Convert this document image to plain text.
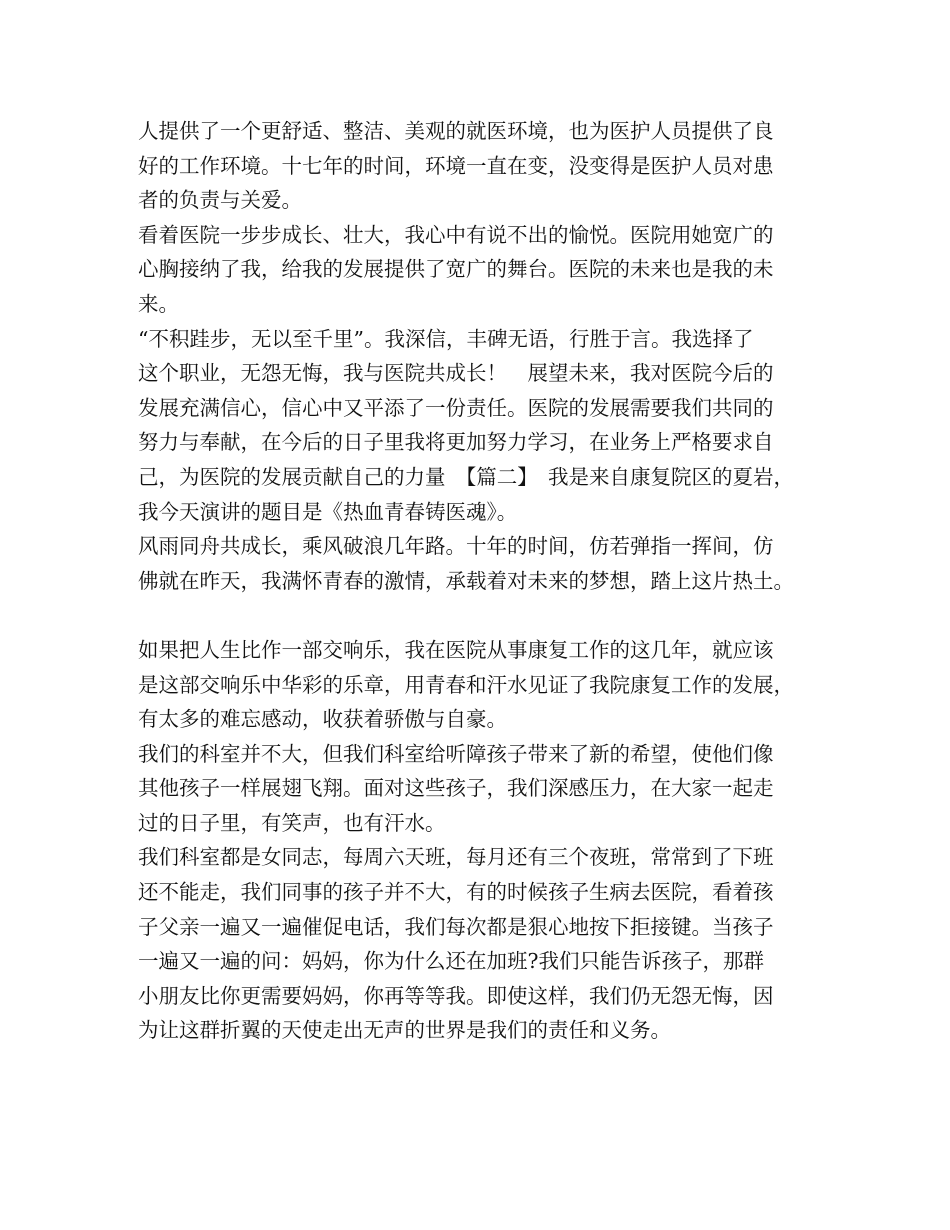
人提供了一个更舒适、整洁、美观的就医环境，也为医护人员提供了良
好的工作环境。十七年的时间，环境一直在变，没变得是医护人员对患
者的负责与关爱。
看着医院一步步成长、壮大，我心中有说不出的愉悦。医院用她宽广的
心胸接纳了我，给我的发展提供了宽广的舞台。医院的未来也是我的未
来。
“不积跬步，无以至千里”。我深信，丰碑无语，行胜于言。我选择了
这个职业，无怨无悔，我与医院共成长！　展望未来，我对医院今后的
发展充满信心，信心中又平添了一份责任。医院的发展需要我们共同的
努力与奉献，在今后的日子里我将更加努力学习，在业务上严格要求自
己，为医院的发展贡献自己的力量　【篇二】　我是来自康复院区的夏岩，
我今天演讲的题目是《热血青春铸医魂》。
风雨同舟共成长，乘风破浪几年路。十年的时间，仿若弹指一挥间，仿
佛就在昨天，我满怀青春的激情，承载着对未来的梦想，踏上这片热土。
如果把人生比作一部交响乐，我在医院从事康复工作的这几年，就应该
是这部交响乐中华彩的乐章，用青春和汗水见证了我院康复工作的发展，
有太多的难忘感动，收获着骄傲与自豪。
我们的科室并不大，但我们科室给听障孩子带来了新的希望，使他们像
其他孩子一样展翅飞翔。面对这些孩子，我们深感压力，在大家一起走
过的日子里，有笑声，也有汗水。
我们科室都是女同志，每周六天班，每月还有三个夜班，常常到了下班
还不能走，我们同事的孩子并不大，有的时候孩子生病去医院，看着孩
子父亲一遍又一遍催促电话，我们每次都是狠心地按下拒接键。当孩子
一遍又一遍的问：妈妈，你为什么还在加班?我们只能告诉孩子，那群
小朋友比你更需要妈妈，你再等等我。即使这样，我们仍无怨无悔，因
为让这群折翼的天使走出无声的世界是我们的责任和义务。
